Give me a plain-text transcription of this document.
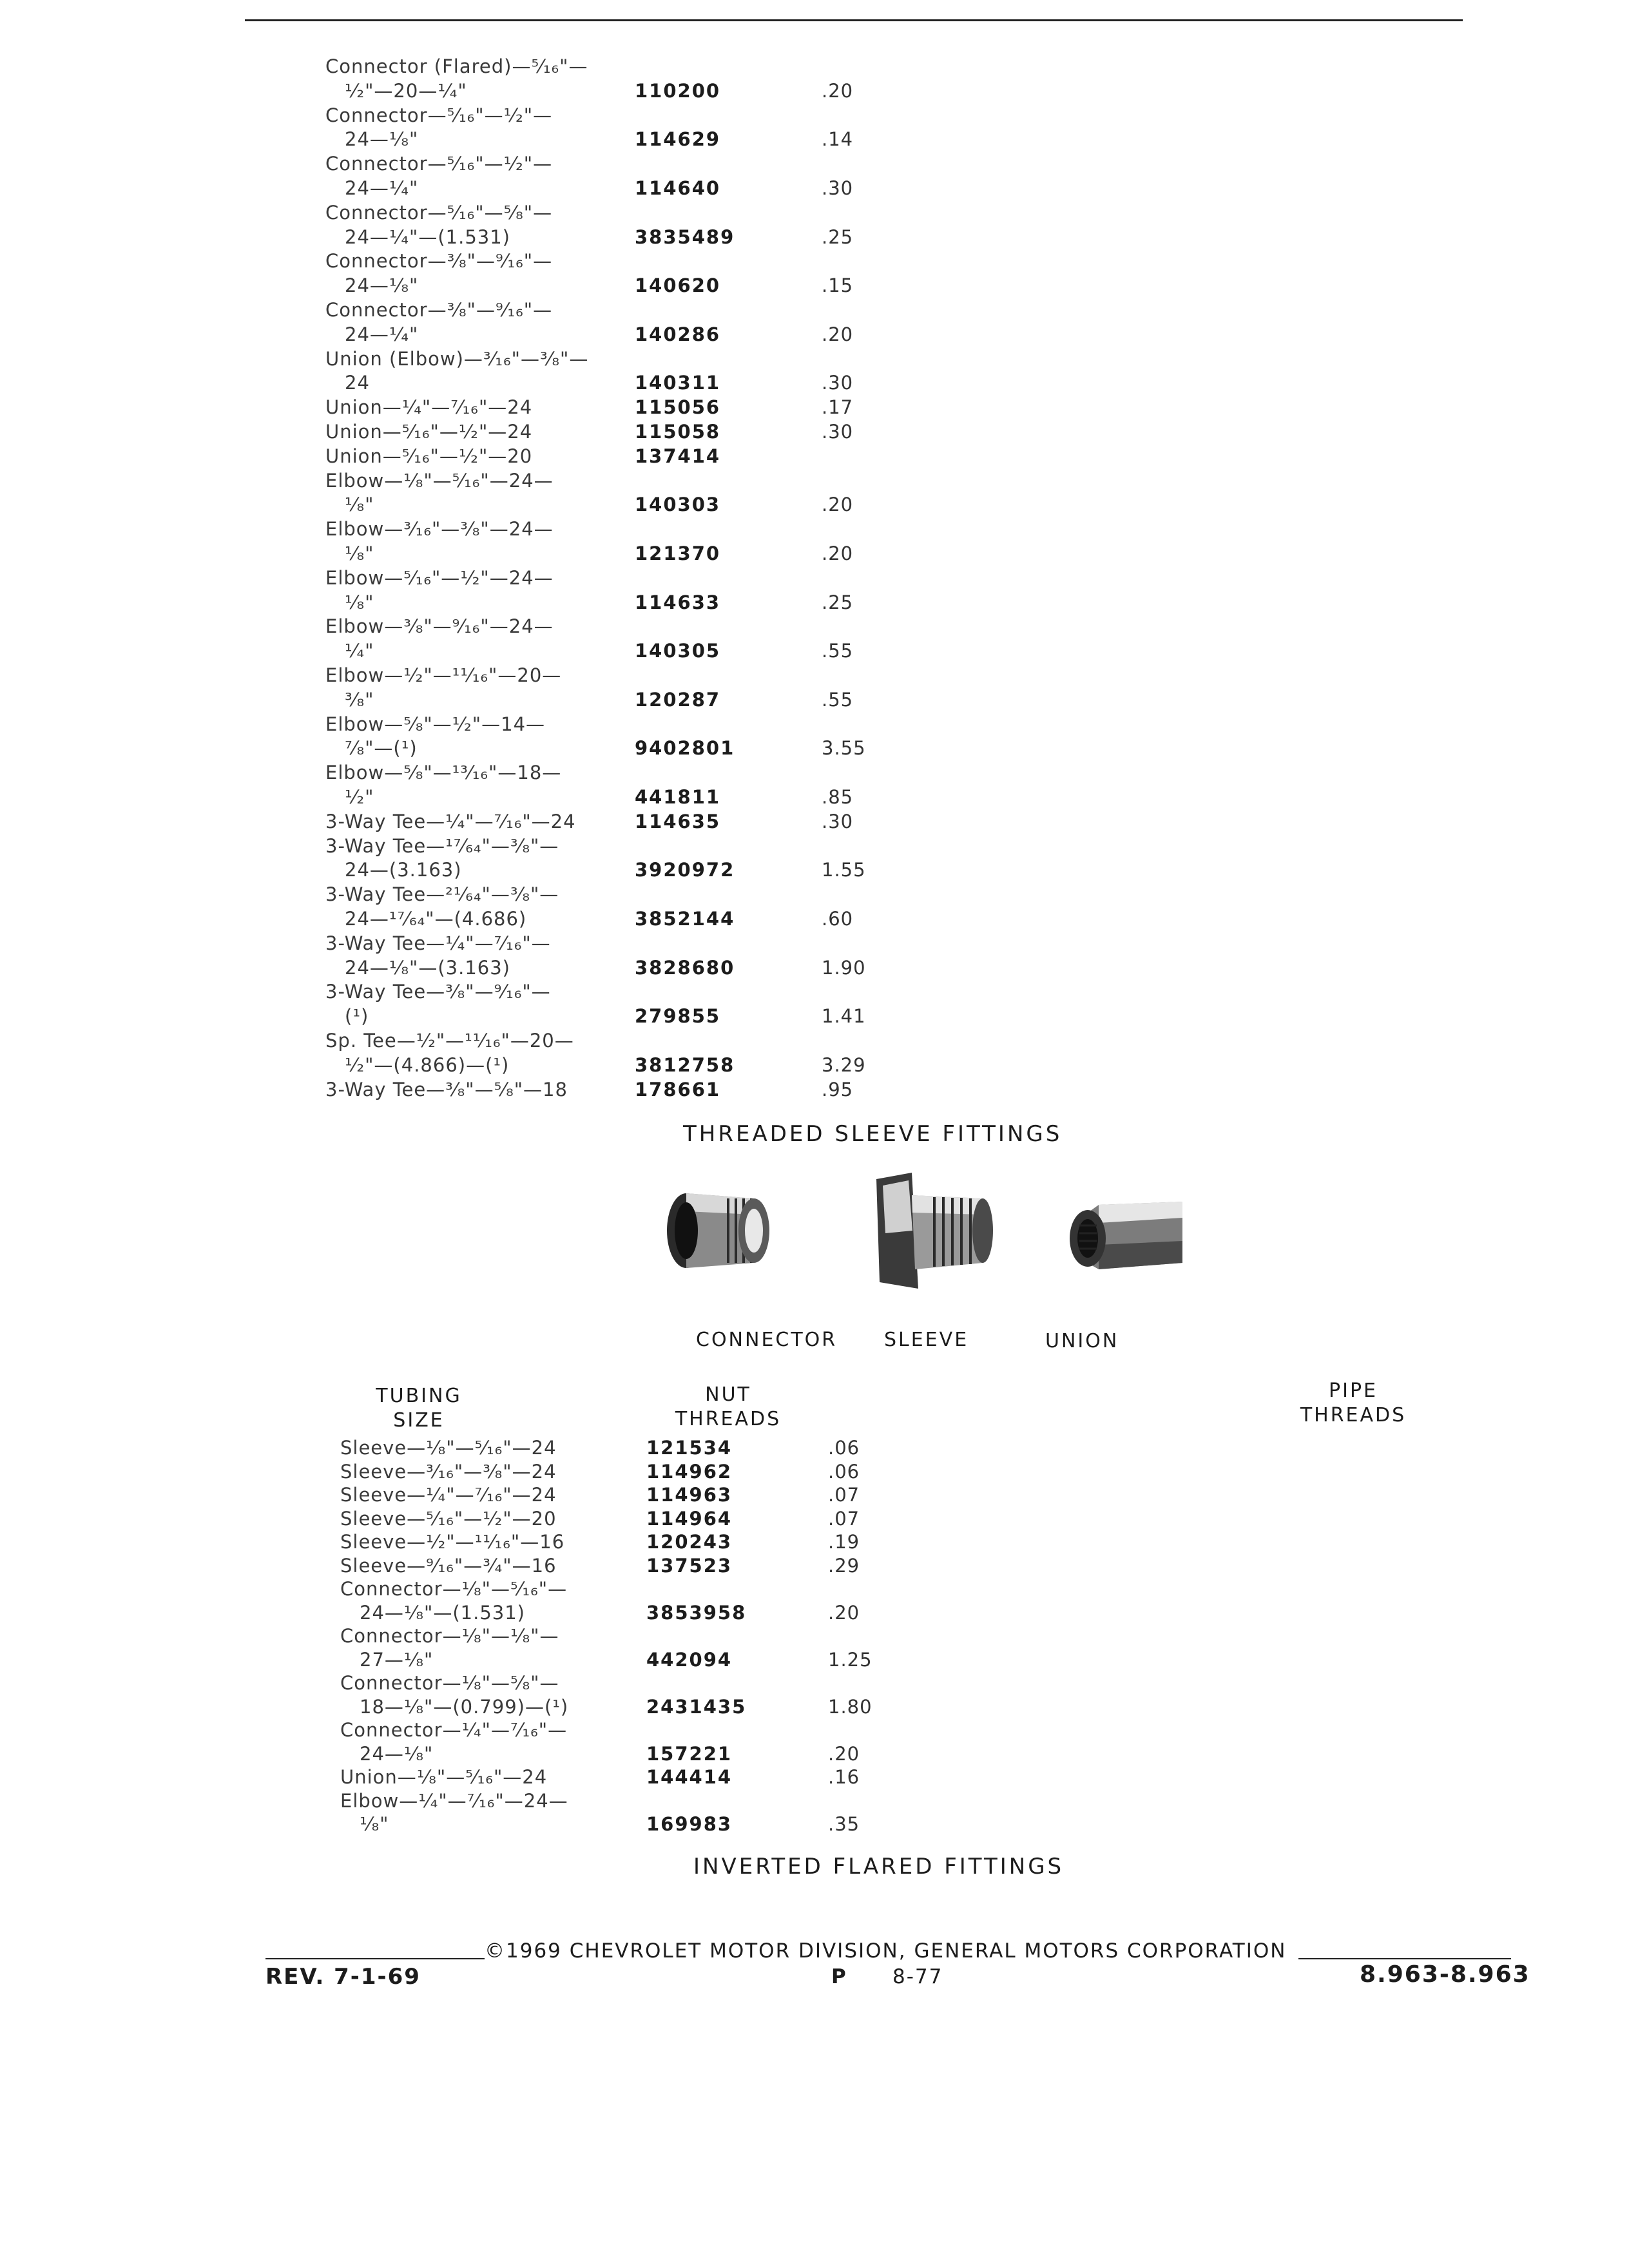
Connector (Flared)—⁵⁄₁₆"—
¹⁄₂"—20—¹⁄₄"	110200	.20
Connector—⁵⁄₁₆"—¹⁄₂"—
24—¹⁄₈"	114629	.14
Connector—⁵⁄₁₆"—¹⁄₂"—
24—¹⁄₄"	114640	.30
Connector—⁵⁄₁₆"—⁵⁄₈"—
24—¹⁄₄"—(1.531)	3835489	.25
Connector—³⁄₈"—⁹⁄₁₆"—
24—¹⁄₈"	140620	.15
Connector—³⁄₈"—⁹⁄₁₆"—
24—¹⁄₄"	140286	.20
Union (Elbow)—³⁄₁₆"—³⁄₈"—
24	140311	.30
Union—¹⁄₄"—⁷⁄₁₆"—24	115056	.17
Union—⁵⁄₁₆"—¹⁄₂"—24	115058	.30
Union—⁵⁄₁₆"—¹⁄₂"—20	137414
Elbow—¹⁄₈"—⁵⁄₁₆"—24—
¹⁄₈"	140303	.20
Elbow—³⁄₁₆"—³⁄₈"—24—
¹⁄₈"	121370	.20
Elbow—⁵⁄₁₆"—¹⁄₂"—24—
¹⁄₈"	114633	.25
Elbow—³⁄₈"—⁹⁄₁₆"—24—
¹⁄₄"	140305	.55
Elbow—¹⁄₂"—¹¹⁄₁₆"—20—
³⁄₈"	120287	.55
Elbow—⁵⁄₈"—¹⁄₂"—14—
⁷⁄₈"—(¹)	9402801	3.55
Elbow—⁵⁄₈"—¹³⁄₁₆"—18—
¹⁄₂"	441811	.85
3-Way Tee—¹⁄₄"—⁷⁄₁₆"—24	114635	.30
3-Way Tee—¹⁷⁄₆₄"—³⁄₈"—
24—(3.163)	3920972	1.55
3-Way Tee—²¹⁄₆₄"—³⁄₈"—
24—¹⁷⁄₆₄"—(4.686)	3852144	.60
3-Way Tee—¹⁄₄"—⁷⁄₁₆"—
24—¹⁄₈"—(3.163)	3828680	1.90
3-Way Tee—³⁄₈"—⁹⁄₁₆"—
(¹)	279855	1.41
Sp. Tee—¹⁄₂"—¹¹⁄₁₆"—20—
¹⁄₂"—(4.866)—(¹)	3812758	3.29
3-Way Tee—³⁄₈"—⁵⁄₈"—18	178661	.95
THREADED SLEEVE FITTINGS
CONNECTOR SLEEVE	UNION
TUBING
SIZE
NUT
THREADS
PIPE
THREADS
Sleeve—¹⁄₈"—⁵⁄₁₆"—24	121534	.06
Sleeve—³⁄₁₆"—³⁄₈"—24	114962	.06
Sleeve—¹⁄₄"—⁷⁄₁₆"—24	114963	.07
Sleeve—⁵⁄₁₆"—¹⁄₂"—20	114964	.07
Sleeve—¹⁄₂"—¹¹⁄₁₆"—16	120243	.19
Sleeve—⁹⁄₁₆"—³⁄₄"—16	137523	.29
Connector—¹⁄₈"—⁵⁄₁₆"—
24—¹⁄₈"—(1.531)	3853958	.20
Connector—¹⁄₈"—¹⁄₈"—
27—¹⁄₈"	442094	1.25
Connector—¹⁄₈"—⁵⁄₈"—
18—¹⁄₈"—(0.799)—(¹)	2431435	1.80
Connector—¹⁄₄"—⁷⁄₁₆"—
24—¹⁄₈"	157221	.20
Union—¹⁄₈"—⁵⁄₁₆"—24	144414	.16
Elbow—¹⁄₄"—⁷⁄₁₆"—24—
¹⁄₈"	169983	.35
INVERTED FLARED FITTINGS
©1969 CHEVROLET MOTOR DIVISION, GENERAL MOTORS CORPORATION
REV. 7-1-69	P 8-77	8.963-8.963
